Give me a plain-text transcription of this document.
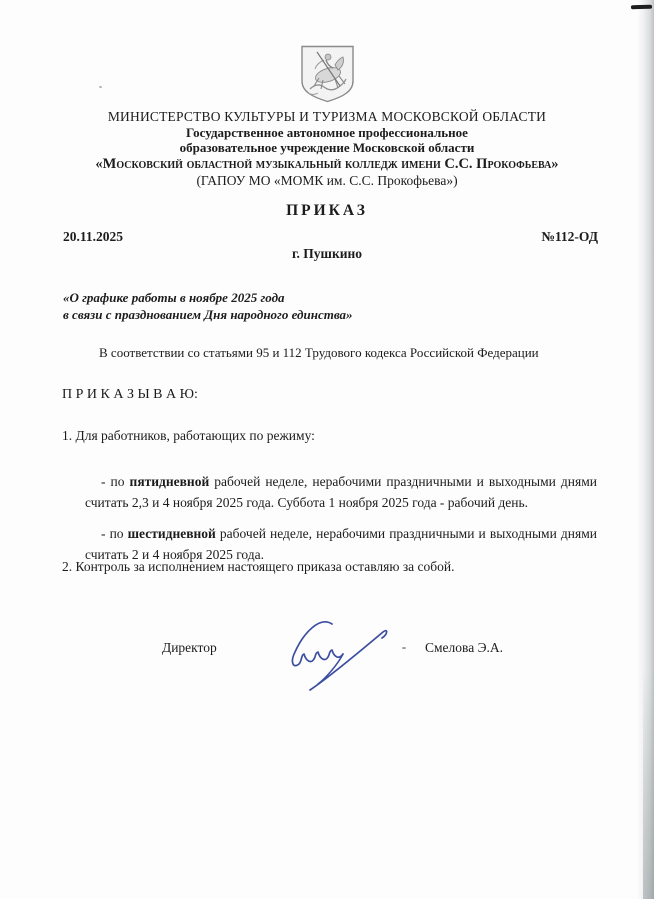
МИНИСТЕРСТВО КУЛЬТУРЫ И ТУРИЗМА МОСКОВСКОЙ ОБЛАСТИ
Государственное автономное профессиональное
образовательное учреждение Московской области
«Московский областной музыкальный колледж имени С.С. Прокофьева»
(ГАПОУ МО «МОМК им. С.С. Прокофьева»)
ПРИКАЗ
20.11.2025	№112-ОД
г. Пушкино
«О графике работы в ноябре 2025 года
в связи с празднованием Дня народного единства»
В соответствии со статьями 95 и 112 Трудового кодекса Российской Федерации
П Р И К А З Ы В А Ю:
1. Для работников, работающих по режиму:

- по пятидневной рабочей неделе, нерабочими праздничными и выходными днями считать 2,3 и 4 ноября 2025 года. Суббота 1 ноября 2025 года - рабочий день.

- по шестидневной рабочей неделе, нерабочими праздничными и выходными днями считать 2 и 4 ноября 2025 года.

2. Контроль за исполнением настоящего приказа оставляю за собой.
Директор	Смелова Э.А.
